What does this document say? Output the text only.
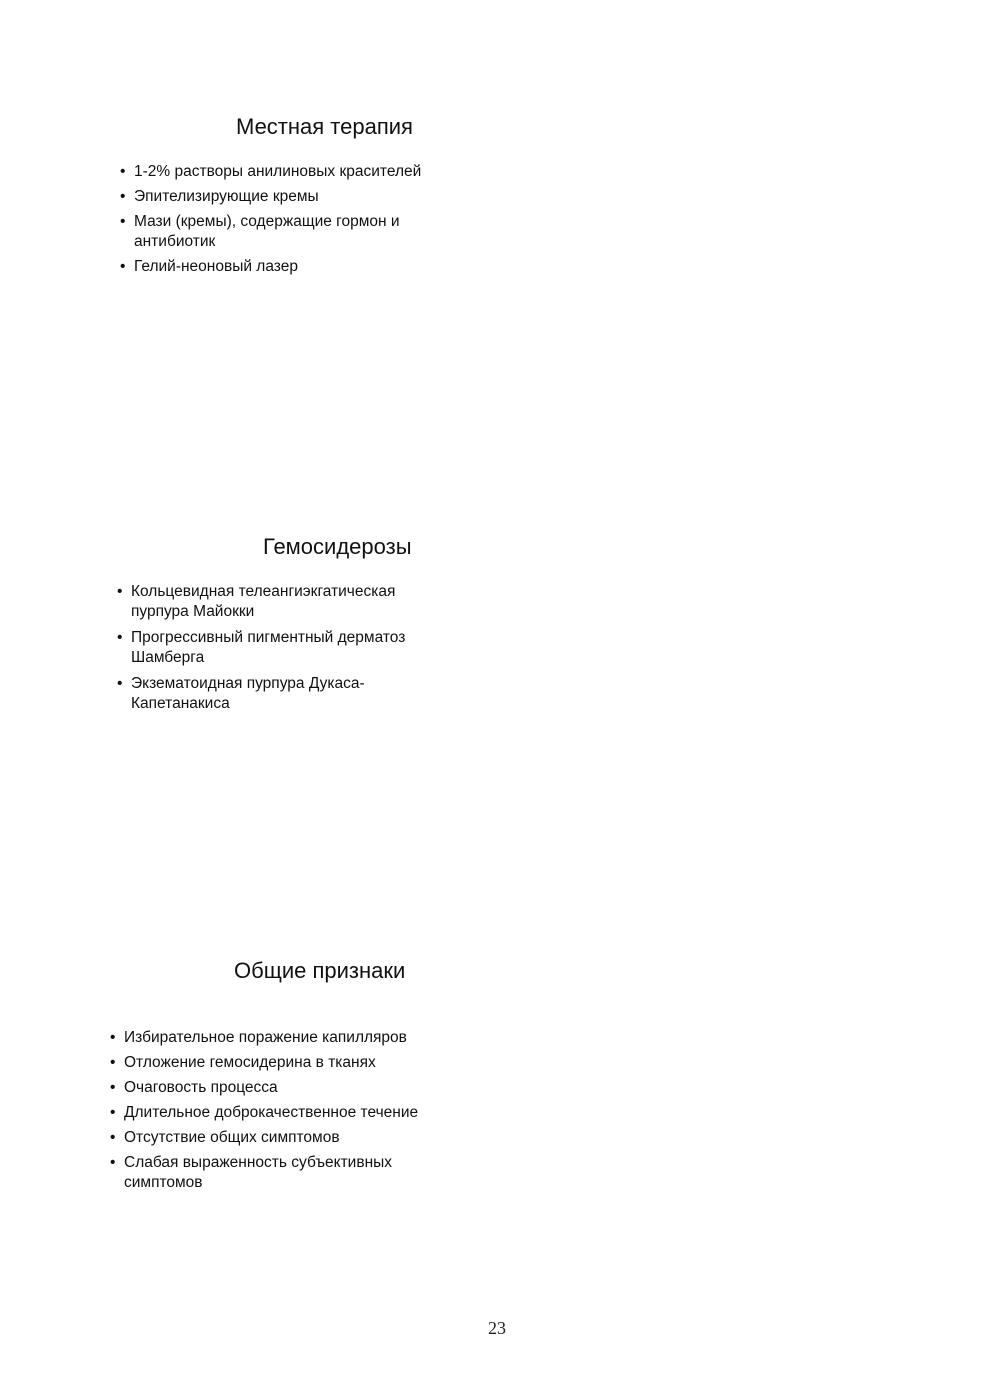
Местная терапия
• 1-2% растворы анилиновых красителей
• Эпителизирующие кремы
• Мази (кремы), содержащие гормон и антибиотик
• Гелий-неоновый лазер
Гемосидерозы
• Кольцевидная телеангиэкгатическая пурпура Майокки
• Прогрессивный пигментный дерматоз Шамберга
• Экзематоидная пурпура Дукаса-Капетанакиса
Общие признаки
• Избирательное поражение капилляров
• Отложение гемосидерина в тканях
• Очаговость процесса
• Длительное доброкачественное течение
• Отсутствие общих симптомов
• Слабая выраженность субъективных симптомов
23
